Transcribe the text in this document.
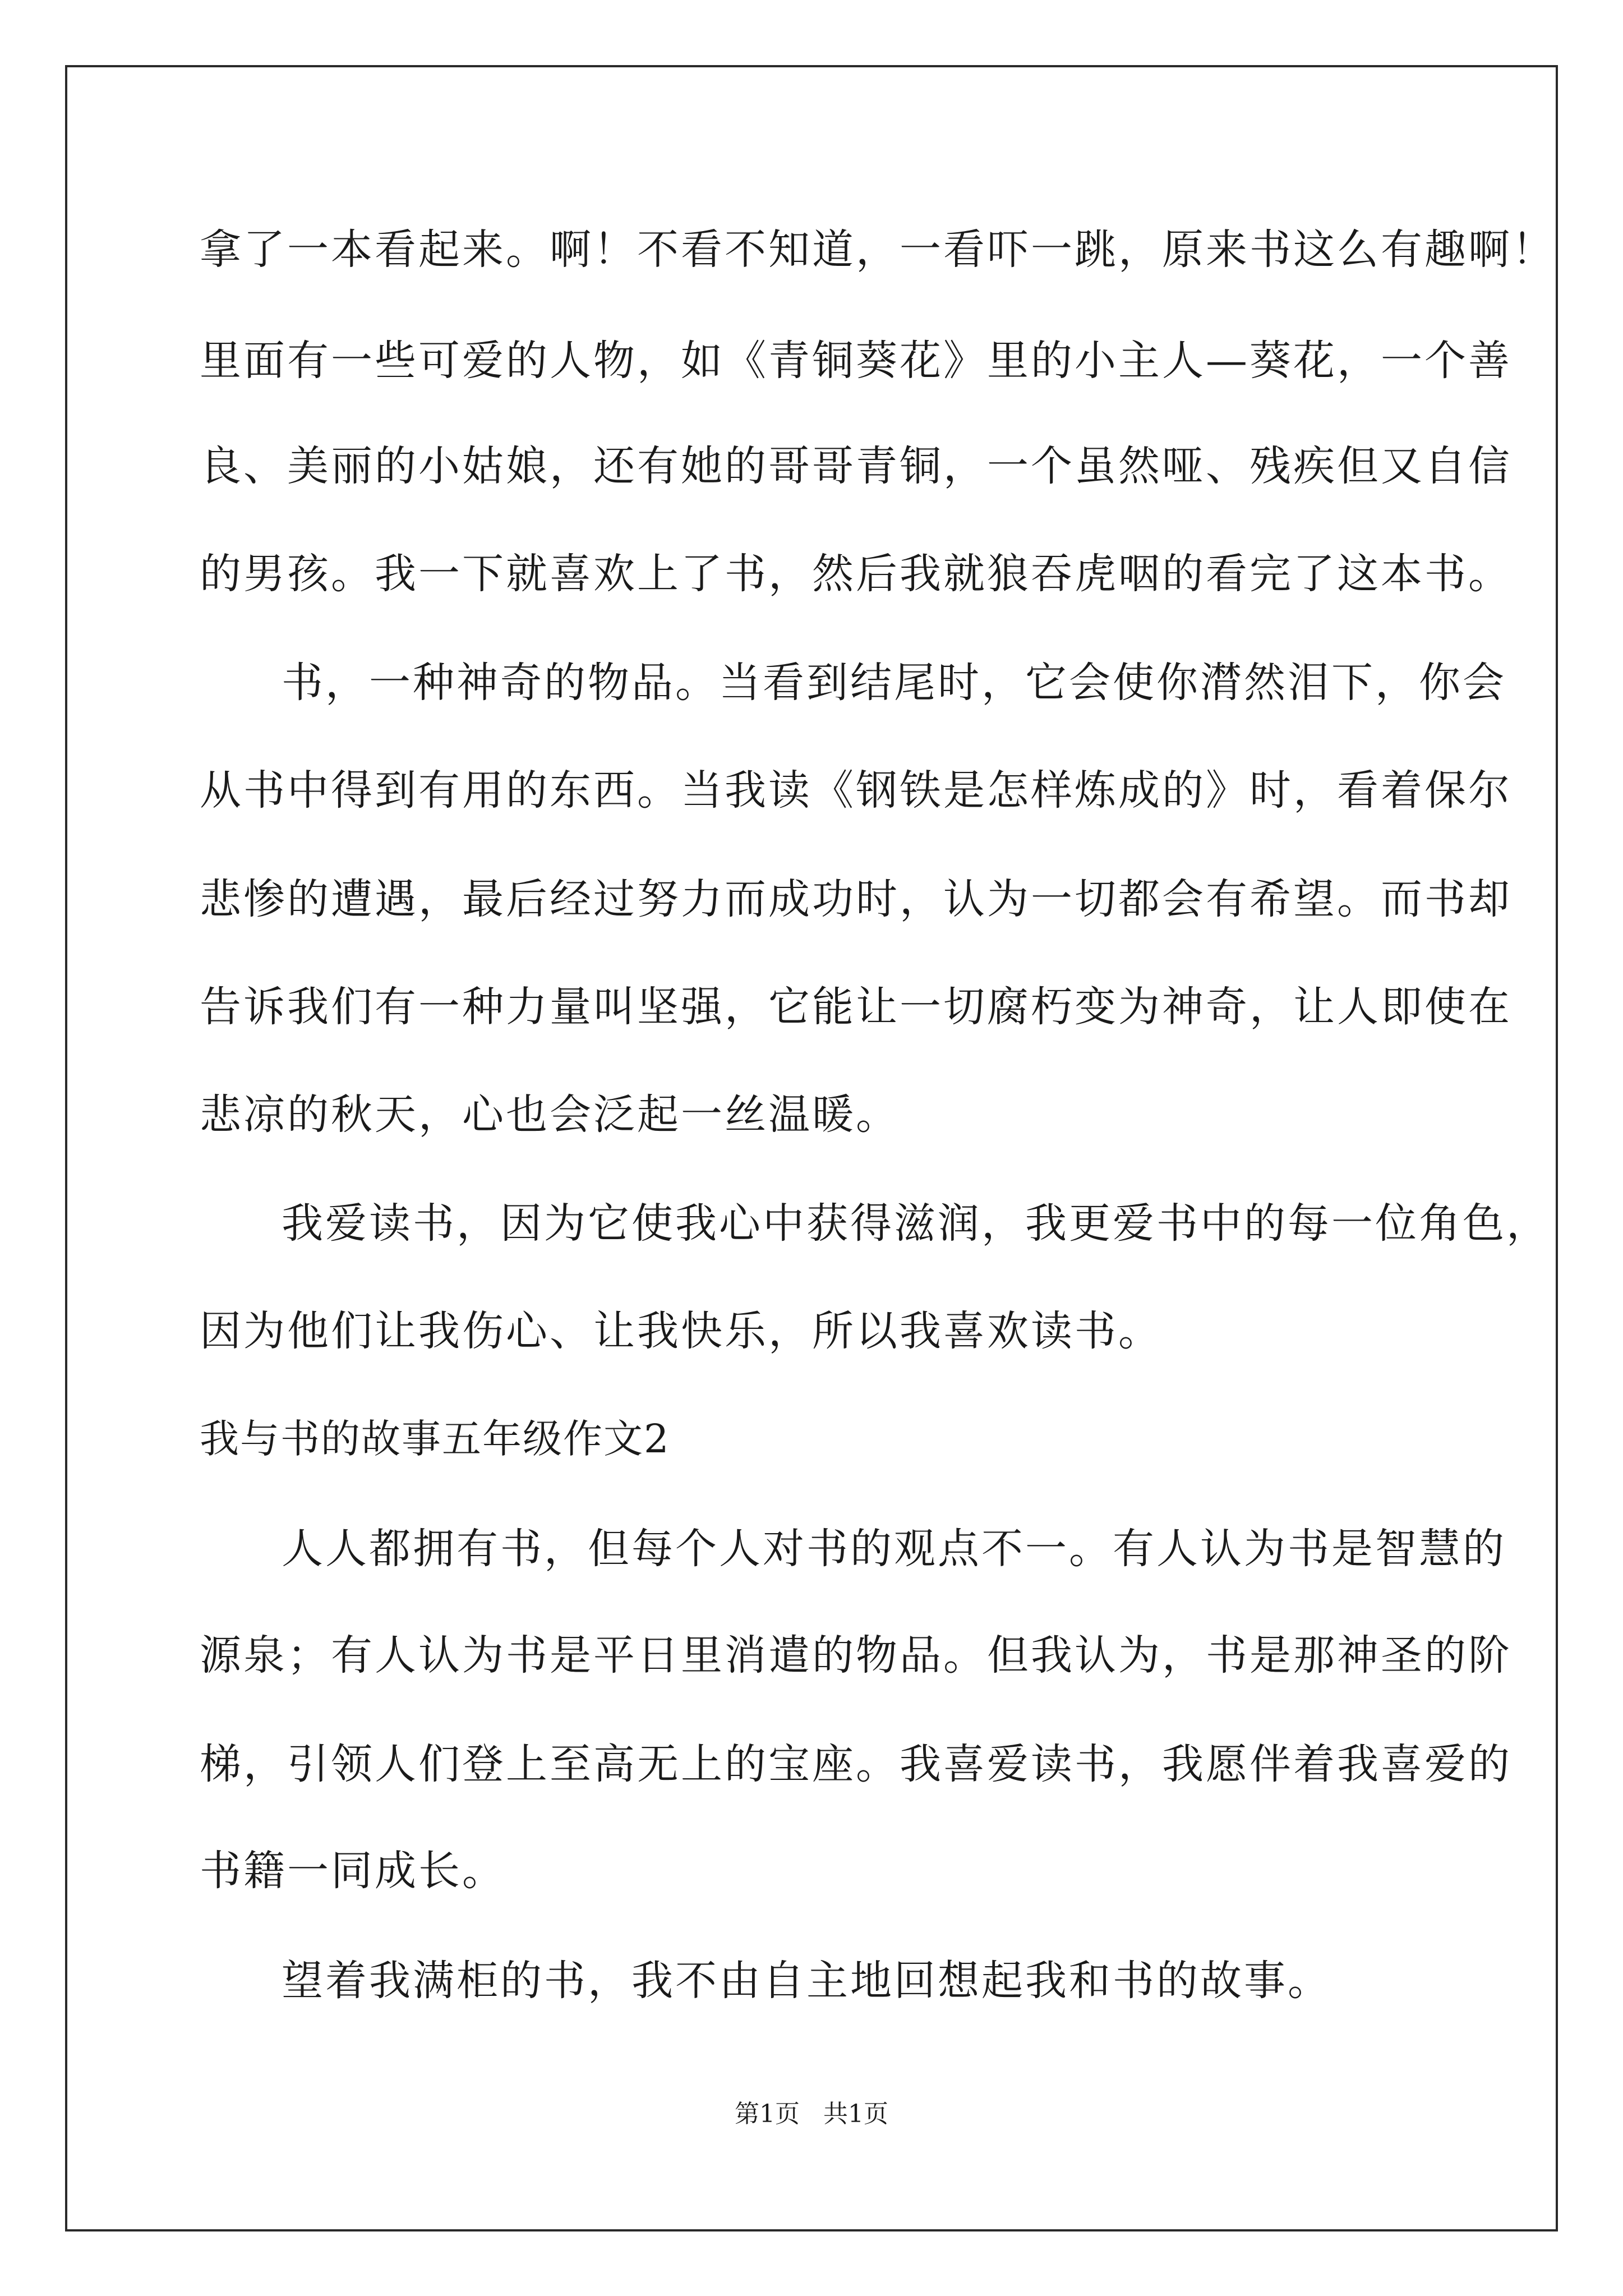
拿了一本看起来。啊！不看不知道，一看吓一跳，原来书这么有趣啊！
里面有一些可爱的人物，如《青铜葵花》里的小主人—葵花，一个善
良、美丽的小姑娘，还有她的哥哥青铜，一个虽然哑、残疾但又自信
的男孩。我一下就喜欢上了书，然后我就狼吞虎咽的看完了这本书。
书，一种神奇的物品。当看到结尾时，它会使你潸然泪下，你会
从书中得到有用的东西。当我读《钢铁是怎样炼成的》时，看着保尔
悲惨的遭遇，最后经过努力而成功时，认为一切都会有希望。而书却
告诉我们有一种力量叫坚强，它能让一切腐朽变为神奇，让人即使在
悲凉的秋天，心也会泛起一丝温暖。
我爱读书，因为它使我心中获得滋润，我更爱书中的每一位角色，
因为他们让我伤心、让我快乐，所以我喜欢读书。
我与书的故事五年级作文2
人人都拥有书，但每个人对书的观点不一。有人认为书是智慧的
源泉；有人认为书是平日里消遣的物品。但我认为，书是那神圣的阶
梯，引领人们登上至高无上的宝座。我喜爱读书，我愿伴着我喜爱的
书籍一同成长。
望着我满柜的书，我不由自主地回想起我和书的故事。
第1页   共1页
